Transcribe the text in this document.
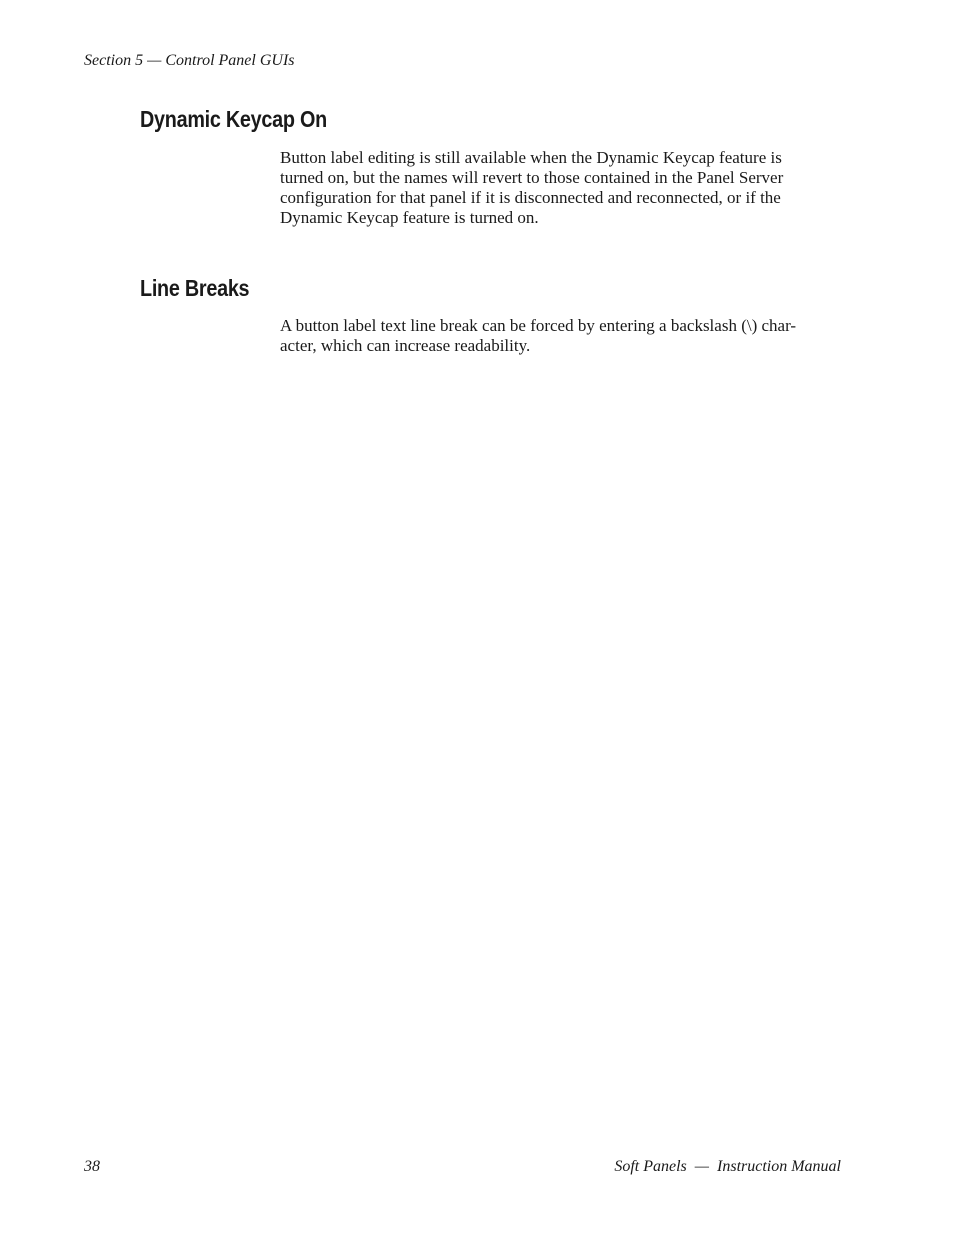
Section 5 — Control Panel GUIs
Dynamic Keycap On

Button label editing is still available when the Dynamic Keycap feature is
turned on, but the names will revert to those contained in the Panel Server
configuration for that panel if it is disconnected and reconnected, or if the
Dynamic Keycap feature is turned on.

Line Breaks

A button label text line break can be forced by entering a backslash (\) char-
acter, which can increase readability.

38	Soft Panels  —  Instruction Manual
